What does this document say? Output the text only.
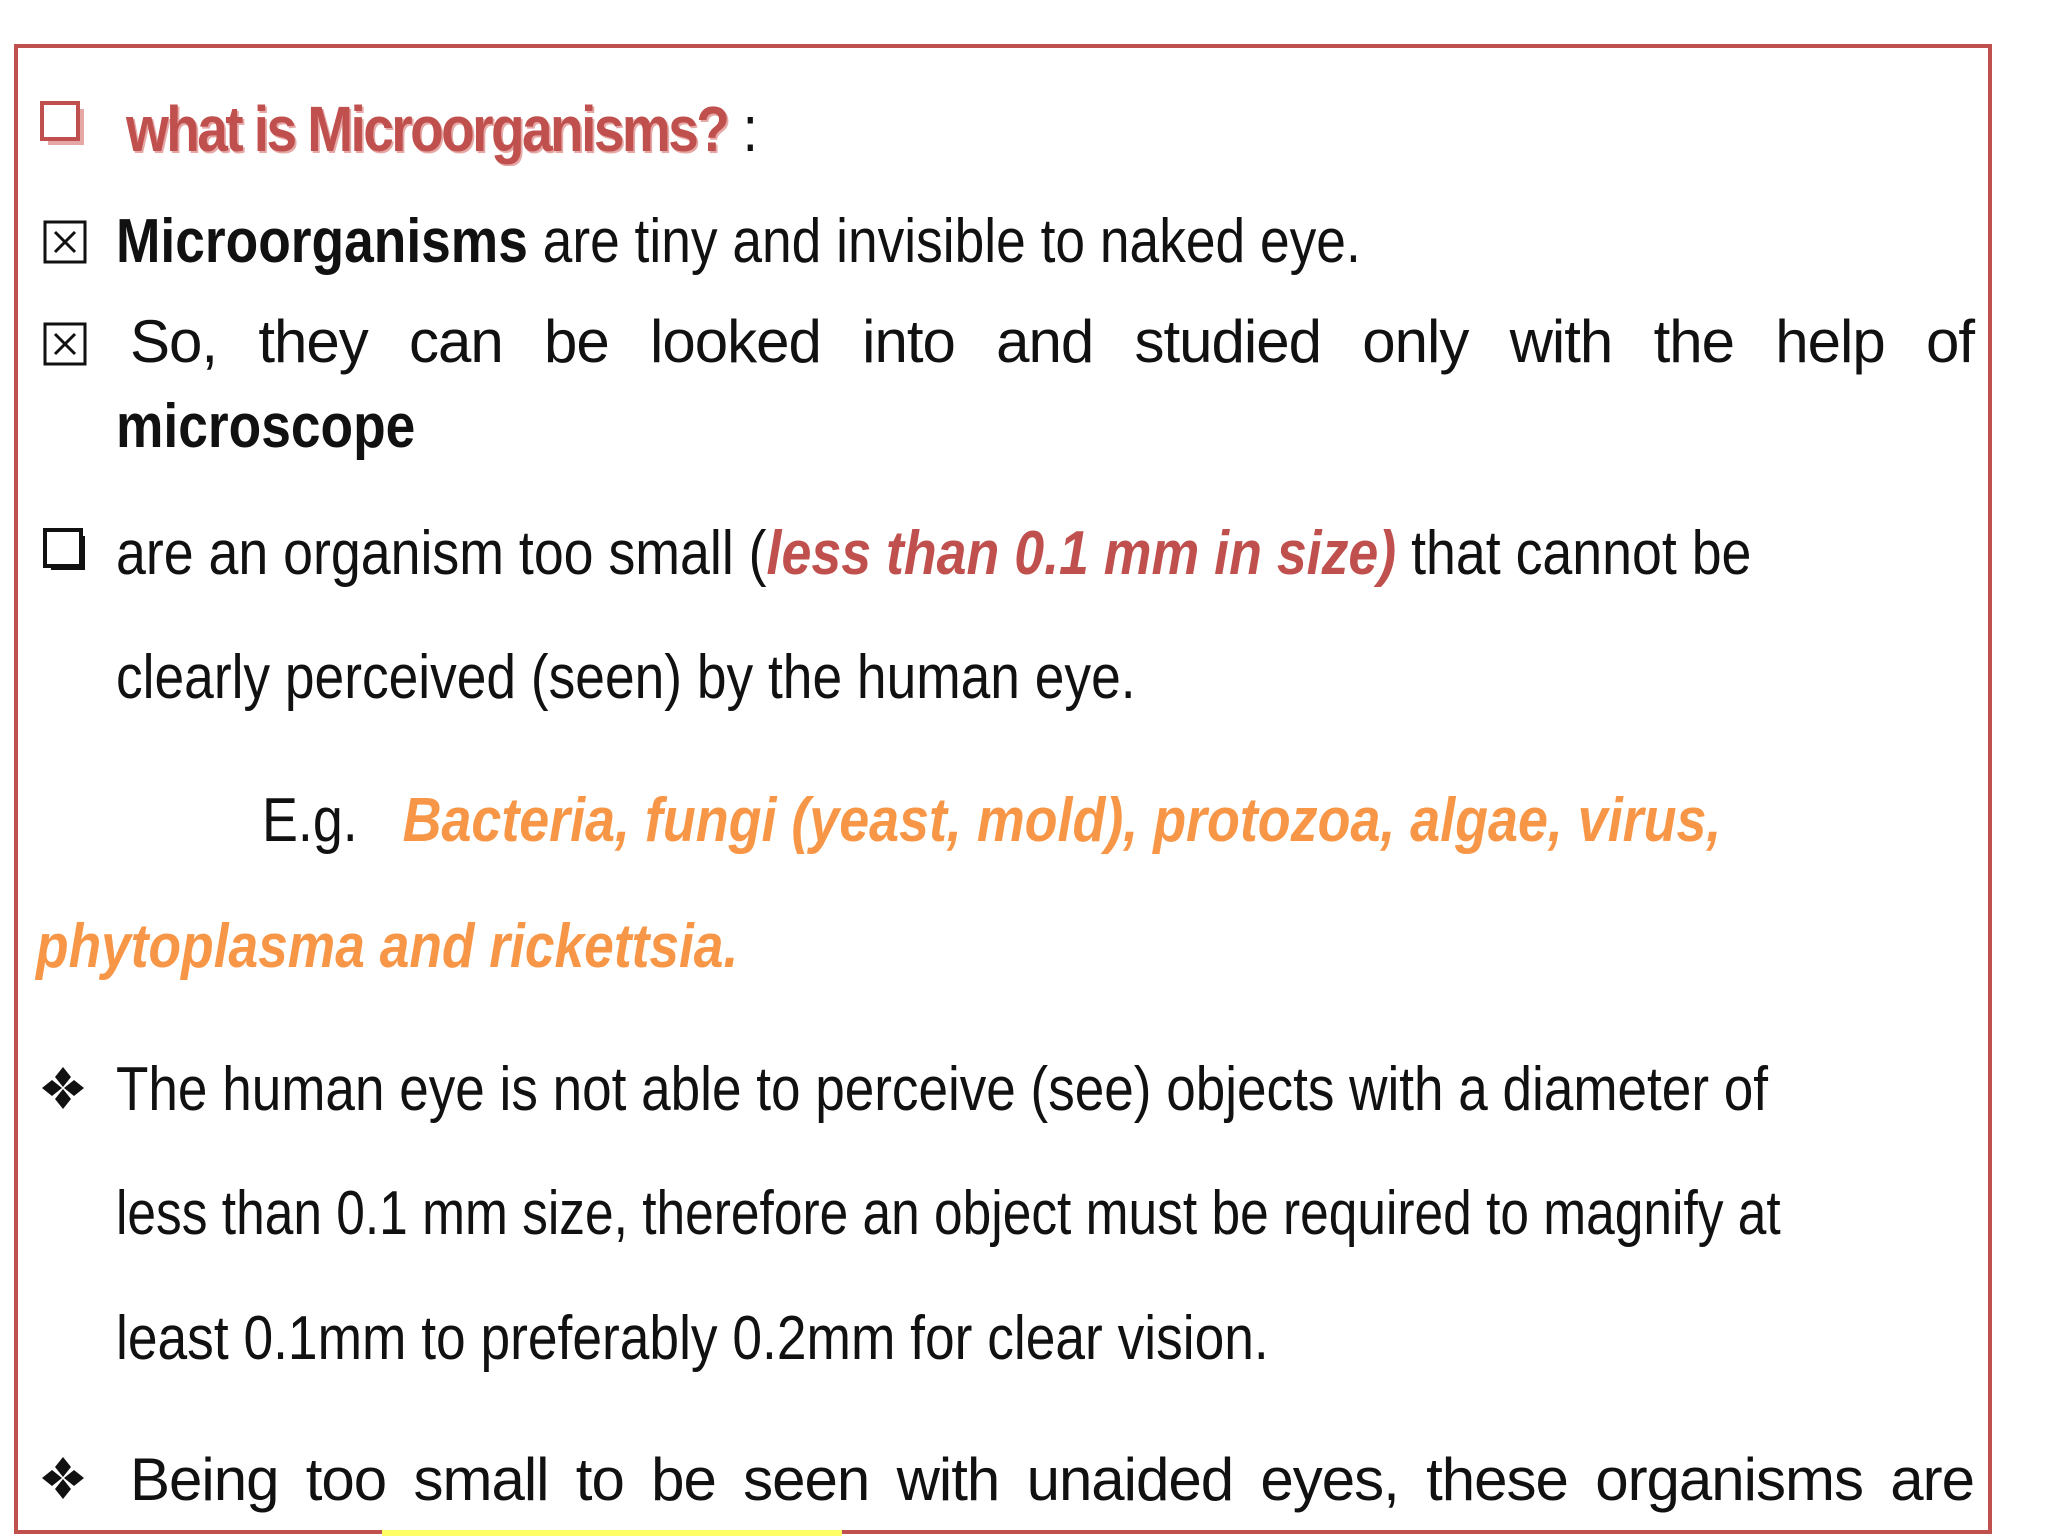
what is Microorganisms? :
Microorganisms are tiny and invisible to naked eye.
So, they can be looked into and studied only with the help of
microscope
are an organism too small (less than 0.1 mm in size) that cannot be
clearly perceived (seen) by the human eye.
E.g. Bacteria, fungi (yeast, mold), protozoa, algae, virus,
phytoplasma and rickettsia.
The human eye is not able to perceive (see) objects with a diameter of
less than 0.1 mm size, therefore an object must be required to magnify at
least 0.1mm to preferably 0.2mm for clear vision.
Being too small to be seen with unaided eyes, these organisms are
